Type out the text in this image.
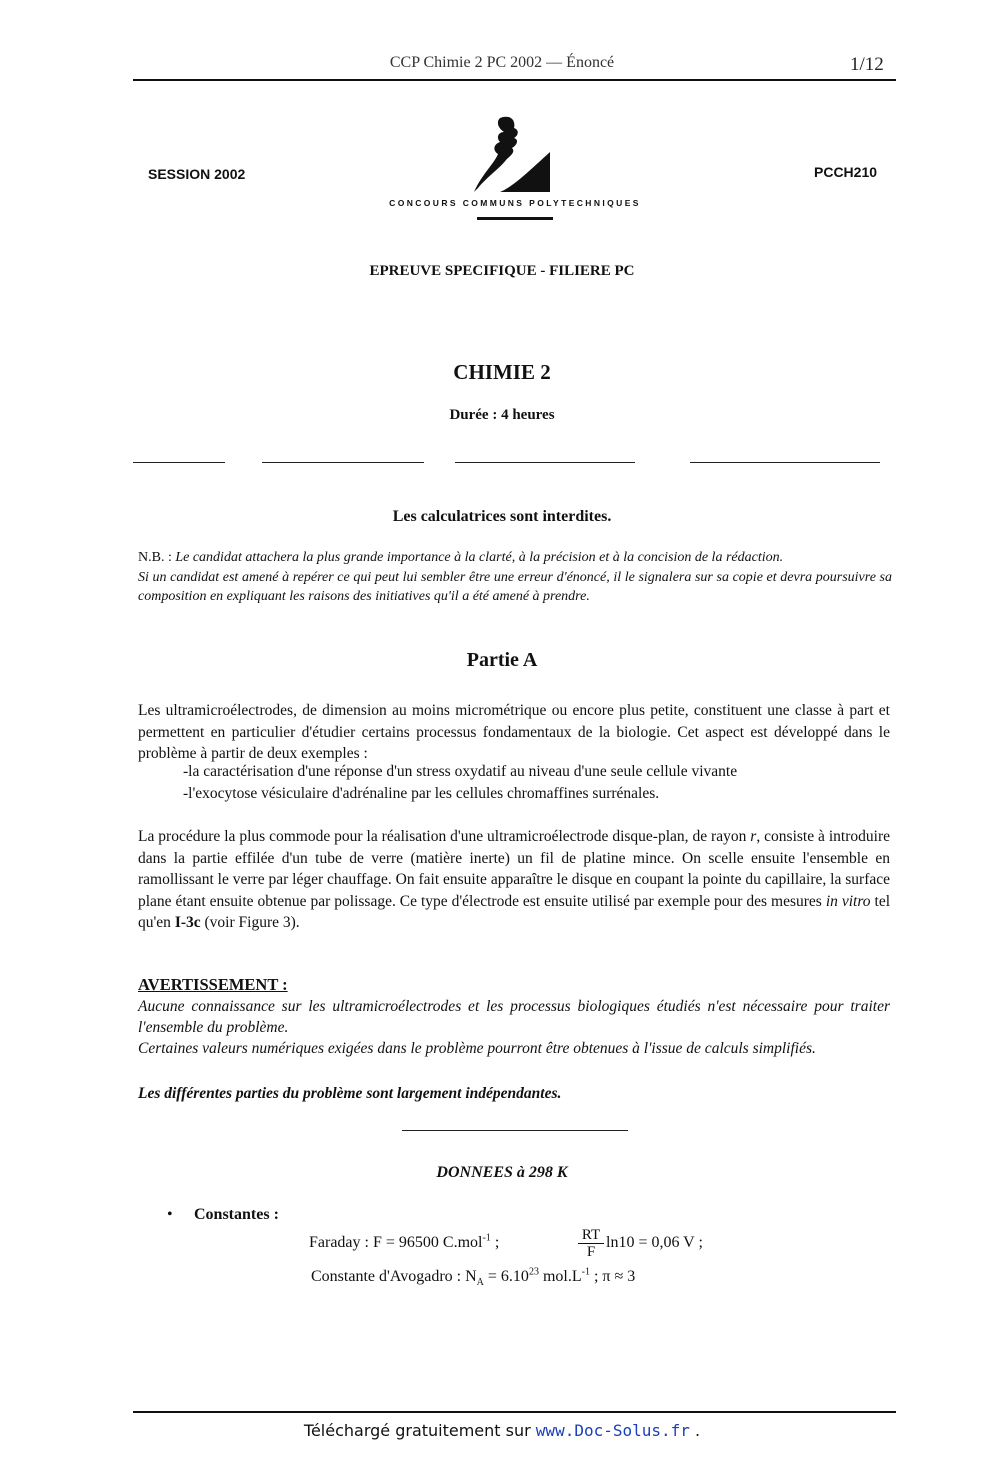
CCP Chimie 2 PC 2002 — Énoncé	1/12
SESSION 2002	PCCH210
CONCOURS COMMUNS POLYTECHNIQUES
EPREUVE SPECIFIQUE - FILIERE PC
CHIMIE 2
Durée : 4 heures
Les calculatrices sont interdites.
N.B. : Le candidat attachera la plus grande importance à la clarté, à la précision et à la concision de la rédaction.
Si un candidat est amené à repérer ce qui peut lui sembler être une erreur d'énoncé, il le signalera sur sa copie et devra poursuivre sa composition en expliquant les raisons des initiatives qu'il a été amené à prendre.
Partie A
Les ultramicroélectrodes, de dimension au moins micrométrique ou encore plus petite, constituent une classe à part et permettent en particulier d'étudier certains processus fondamentaux de la biologie. Cet aspect est développé dans le problème à partir de deux exemples :
-la caractérisation d'une réponse d'un stress oxydatif au niveau d'une seule cellule vivante
-l'exocytose vésiculaire d'adrénaline par les cellules chromaffines surrénales.
La procédure la plus commode pour la réalisation d'une ultramicroélectrode disque-plan, de rayon r, consiste à introduire dans la partie effilée d'un tube de verre (matière inerte) un fil de platine mince. On scelle ensuite l'ensemble en ramollissant le verre par léger chauffage. On fait ensuite apparaître le disque en coupant la pointe du capillaire, la surface plane étant ensuite obtenue par polissage. Ce type d'électrode est ensuite utilisé par exemple pour des mesures in vitro tel qu'en I-3c (voir Figure 3).
AVERTISSEMENT :
Aucune connaissance sur les ultramicroélectrodes et les processus biologiques étudiés n'est nécessaire pour traiter l'ensemble du problème.
Certaines valeurs numériques exigées dans le problème pourront être obtenues à l'issue de calculs simplifiés.
Les différentes parties du problème sont largement indépendantes.
DONNEES à 298 K
• Constantes :
Faraday : F = 96500 C.mol$^{-1}$ ;	$\frac{RT}{F} \ln 10 = 0,06$ V ;
Constante d'Avogadro : $N_A = 6.10^{23}$ $mol.L^{-1}$ ; π ≈ 3
Téléchargé gratuitement sur www.Doc-Solus.fr .
